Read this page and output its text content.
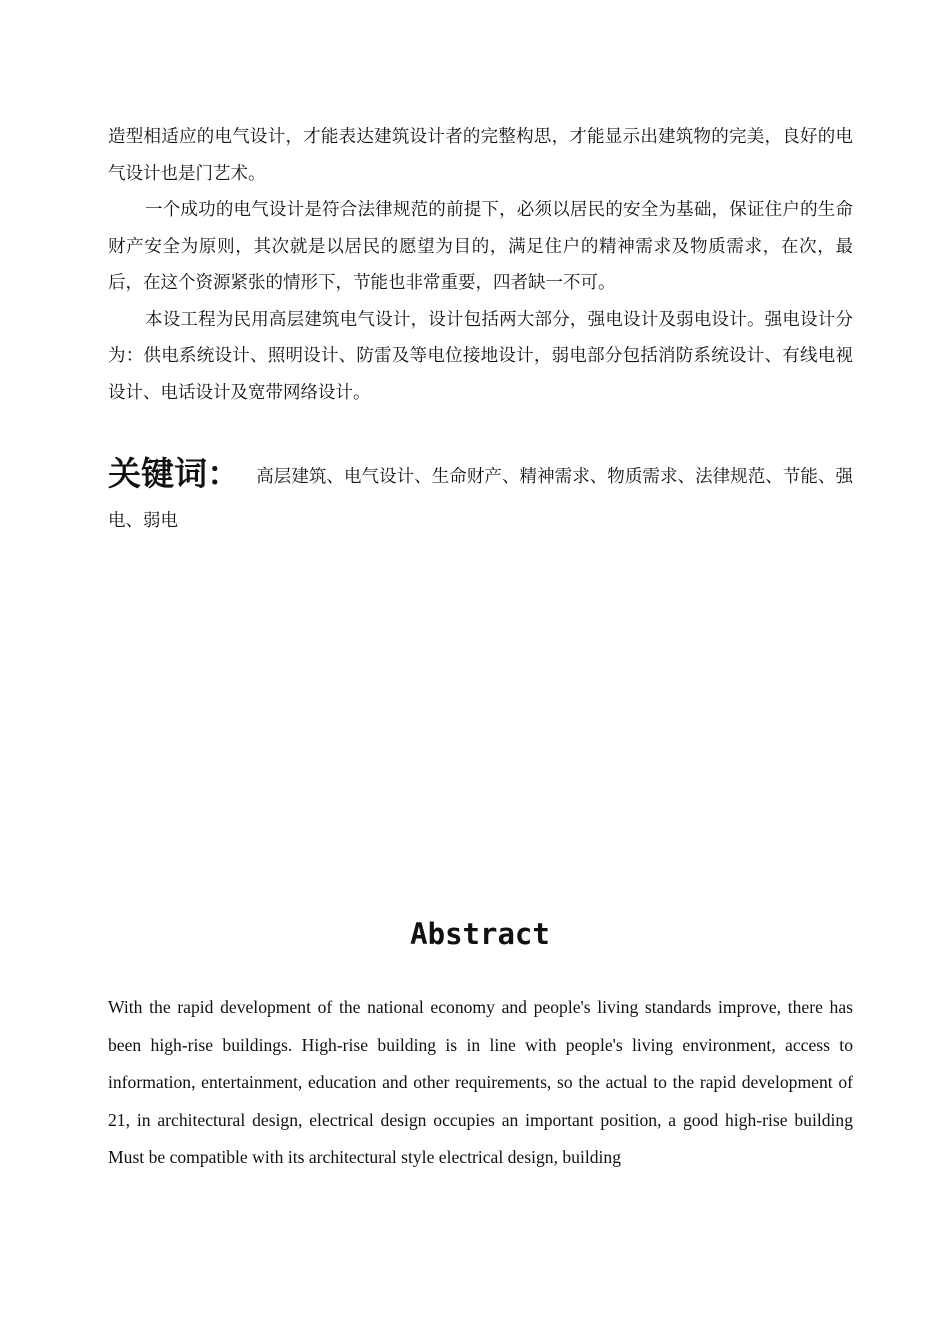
造型相适应的电气设计，才能表达建筑设计者的完整构思，才能显示出建筑物的完美，良好的电气设计也是门艺术。

一个成功的电气设计是符合法律规范的前提下，必须以居民的安全为基础，保证住户的生命财产安全为原则，其次就是以居民的愿望为目的，满足住户的精神需求及物质需求，在次，最后，在这个资源紧张的情形下，节能也非常重要，四者缺一不可。

本设工程为民用高层建筑电气设计，设计包括两大部分，强电设计及弱电设计。强电设计分为：供电系统设计、照明设计、防雷及等电位接地设计，弱电部分包括消防系统设计、有线电视设计、电话设计及宽带网络设计。

关键词： 高层建筑、电气设计、生命财产、精神需求、物质需求、法律规范、节能、强电、弱电
Abstract

With the rapid development of the national economy and people's living standards improve, there has been high-rise buildings. High-rise building is in line with people's living environment, access to information, entertainment, education and other requirements, so the actual to the rapid development of 21, in architectural design, electrical design occupies an important position, a good high-rise building Must be compatible with its architectural style electrical design, building
